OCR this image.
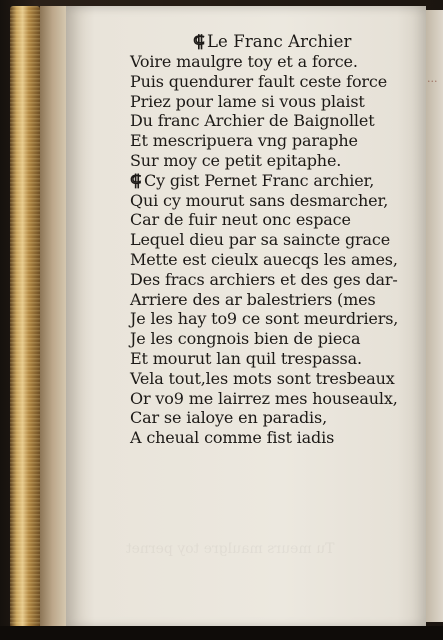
Tu meurs maulgre toy pernet
...
⸿ Le Franc Archier
Voire maulgre toy et a force.
Puis quendurer fault ceste force
Priez pour lame si vous plaist
Du franc Archier de Baignollet
Et mescripuera vng paraphe
Sur moy ce petit epitaphe.
⸿ Cy gist Pernet Franc archier,
Qui cy mourut sans desmarcher,
Car de fuir neut onc espace
Lequel dieu par sa saincte grace
Mette est cieulx auecqs les ames,
Des fracs archiers et des ges dar-
Arriere des ar balestriers (mes
Je les hay to9 ce sont meurdriers,
Je les congnois bien de pieca
Et mourut lan quil trespassa.
Vela tout,les mots sont tresbeaux
Or vo9 me lairrez mes houseaulx,
Car se ialoye en paradis,
A cheual comme fist iadis
